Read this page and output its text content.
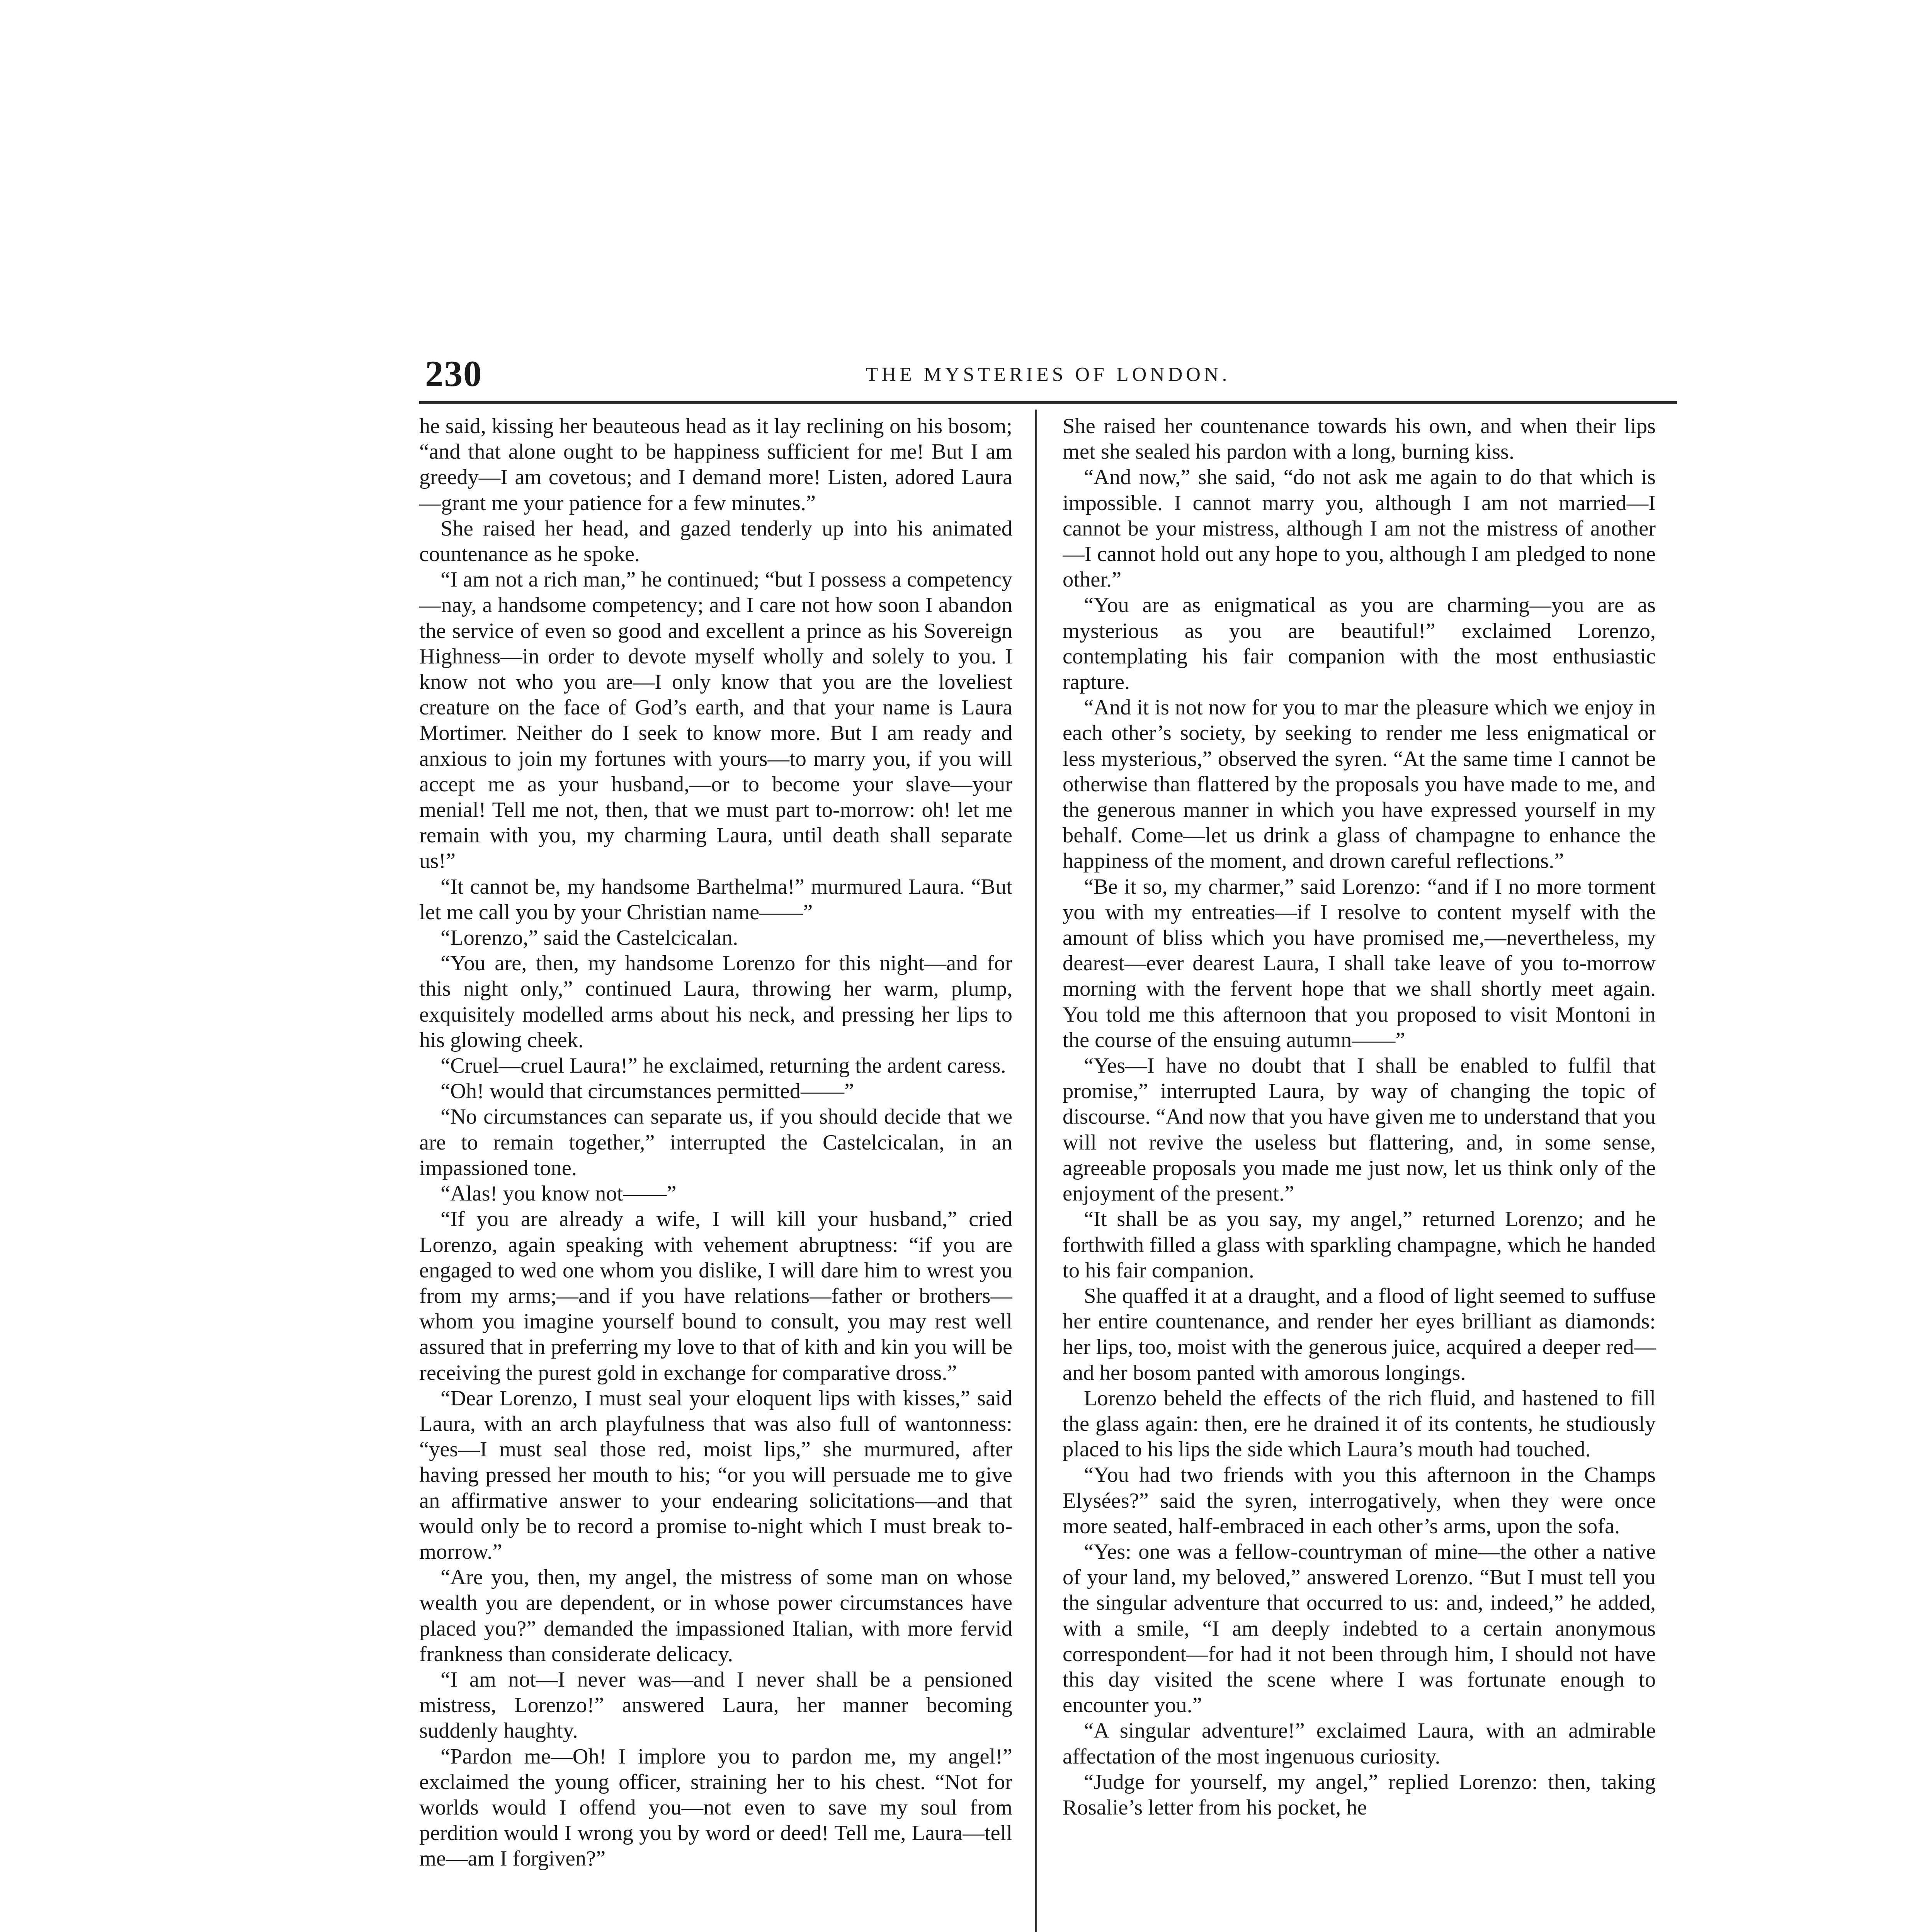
230	THE MYSTERIES OF LONDON.

he said, kissing her beauteous head as it lay reclining on his bosom; “and that alone ought to be happiness sufficient for me! But I am greedy—I am covetous; and I demand more! Listen, adored Laura—grant me your patience for a few minutes.”

She raised her head, and gazed tenderly up into his animated countenance as he spoke.

“I am not a rich man,” he continued; “but I possess a competency—nay, a handsome competency; and I care not how soon I abandon the service of even so good and excellent a prince as his Sovereign Highness—in order to devote myself wholly and solely to you. I know not who you are—I only know that you are the loveliest creature on the face of God’s earth, and that your name is Laura Mortimer. Neither do I seek to know more. But I am ready and anxious to join my fortunes with yours—to marry you, if you will accept me as your husband,—or to become your slave—your menial! Tell me not, then, that we must part to-morrow: oh! let me remain with you, my charming Laura, until death shall separate us!”

“It cannot be, my handsome Barthelma!” murmured Laura. “But let me call you by your Christian name——”

“Lorenzo,” said the Castelcicalan.

“You are, then, my handsome Lorenzo for this night—and for this night only,” continued Laura, throwing her warm, plump, exquisitely modelled arms about his neck, and pressing her lips to his glowing cheek.

“Cruel—cruel Laura!” he exclaimed, returning the ardent caress.

“Oh! would that circumstances permitted——”

“No circumstances can separate us, if you should decide that we are to remain together,” interrupted the Castelcicalan, in an impassioned tone.

“Alas! you know not——”

“If you are already a wife, I will kill your husband,” cried Lorenzo, again speaking with vehement abruptness: “if you are engaged to wed one whom you dislike, I will dare him to wrest you from my arms;—and if you have relations—father or brothers—whom you imagine yourself bound to consult, you may rest well assured that in preferring my love to that of kith and kin you will be receiving the purest gold in exchange for comparative dross.”

“Dear Lorenzo, I must seal your eloquent lips with kisses,” said Laura, with an arch playfulness that was also full of wantonness: “yes—I must seal those red, moist lips,” she murmured, after having pressed her mouth to his; “or you will persuade me to give an affirmative answer to your endearing solicitations—and that would only be to record a promise to-night which I must break to-morrow.”

“Are you, then, my angel, the mistress of some man on whose wealth you are dependent, or in whose power circumstances have placed you?” demanded the impassioned Italian, with more fervid frankness than considerate delicacy.

“I am not—I never was—and I never shall be a pensioned mistress, Lorenzo!” answered Laura, her manner becoming suddenly haughty.

“Pardon me—Oh! I implore you to pardon me, my angel!” exclaimed the young officer, straining her to his chest. “Not for worlds would I offend you—not even to save my soul from perdition would I wrong you by word or deed! Tell me, Laura—tell me—am I forgiven?”

She raised her countenance towards his own, and when their lips met she sealed his pardon with a long, burning kiss.

“And now,” she said, “do not ask me again to do that which is impossible. I cannot marry you, although I am not married—I cannot be your mistress, although I am not the mistress of another—I cannot hold out any hope to you, although I am pledged to none other.”

“You are as enigmatical as you are charming—you are as mysterious as you are beautiful!” exclaimed Lorenzo, contemplating his fair companion with the most enthusiastic rapture.

“And it is not now for you to mar the pleasure which we enjoy in each other’s society, by seeking to render me less enigmatical or less mysterious,” observed the syren. “At the same time I cannot be otherwise than flattered by the proposals you have made to me, and the generous manner in which you have expressed yourself in my behalf. Come—let us drink a glass of champagne to enhance the happiness of the moment, and drown careful reflections.”

“Be it so, my charmer,” said Lorenzo: “and if I no more torment you with my entreaties—if I resolve to content myself with the amount of bliss which you have promised me,—nevertheless, my dearest—ever dearest Laura, I shall take leave of you to-morrow morning with the fervent hope that we shall shortly meet again. You told me this afternoon that you proposed to visit Montoni in the course of the ensuing autumn——”

“Yes—I have no doubt that I shall be enabled to fulfil that promise,” interrupted Laura, by way of changing the topic of discourse. “And now that you have given me to understand that you will not revive the useless but flattering, and, in some sense, agreeable proposals you made me just now, let us think only of the enjoyment of the present.”

“It shall be as you say, my angel,” returned Lorenzo; and he forthwith filled a glass with sparkling champagne, which he handed to his fair companion.

She quaffed it at a draught, and a flood of light seemed to suffuse her entire countenance, and render her eyes brilliant as diamonds: her lips, too, moist with the generous juice, acquired a deeper red—and her bosom panted with amorous longings.

Lorenzo beheld the effects of the rich fluid, and hastened to fill the glass again: then, ere he drained it of its contents, he studiously placed to his lips the side which Laura’s mouth had touched.

“You had two friends with you this afternoon in the Champs Elysées?” said the syren, interrogatively, when they were once more seated, half-embraced in each other’s arms, upon the sofa.

“Yes: one was a fellow-countryman of mine—the other a native of your land, my beloved,” answered Lorenzo. “But I must tell you the singular adventure that occurred to us: and, indeed,” he added, with a smile, “I am deeply indebted to a certain anonymous correspondent—for had it not been through him, I should not have this day visited the scene where I was fortunate enough to encounter you.”

“A singular adventure!” exclaimed Laura, with an admirable affectation of the most ingenuous curiosity.

“Judge for yourself, my angel,” replied Lorenzo: then, taking Rosalie’s letter from his pocket, he
